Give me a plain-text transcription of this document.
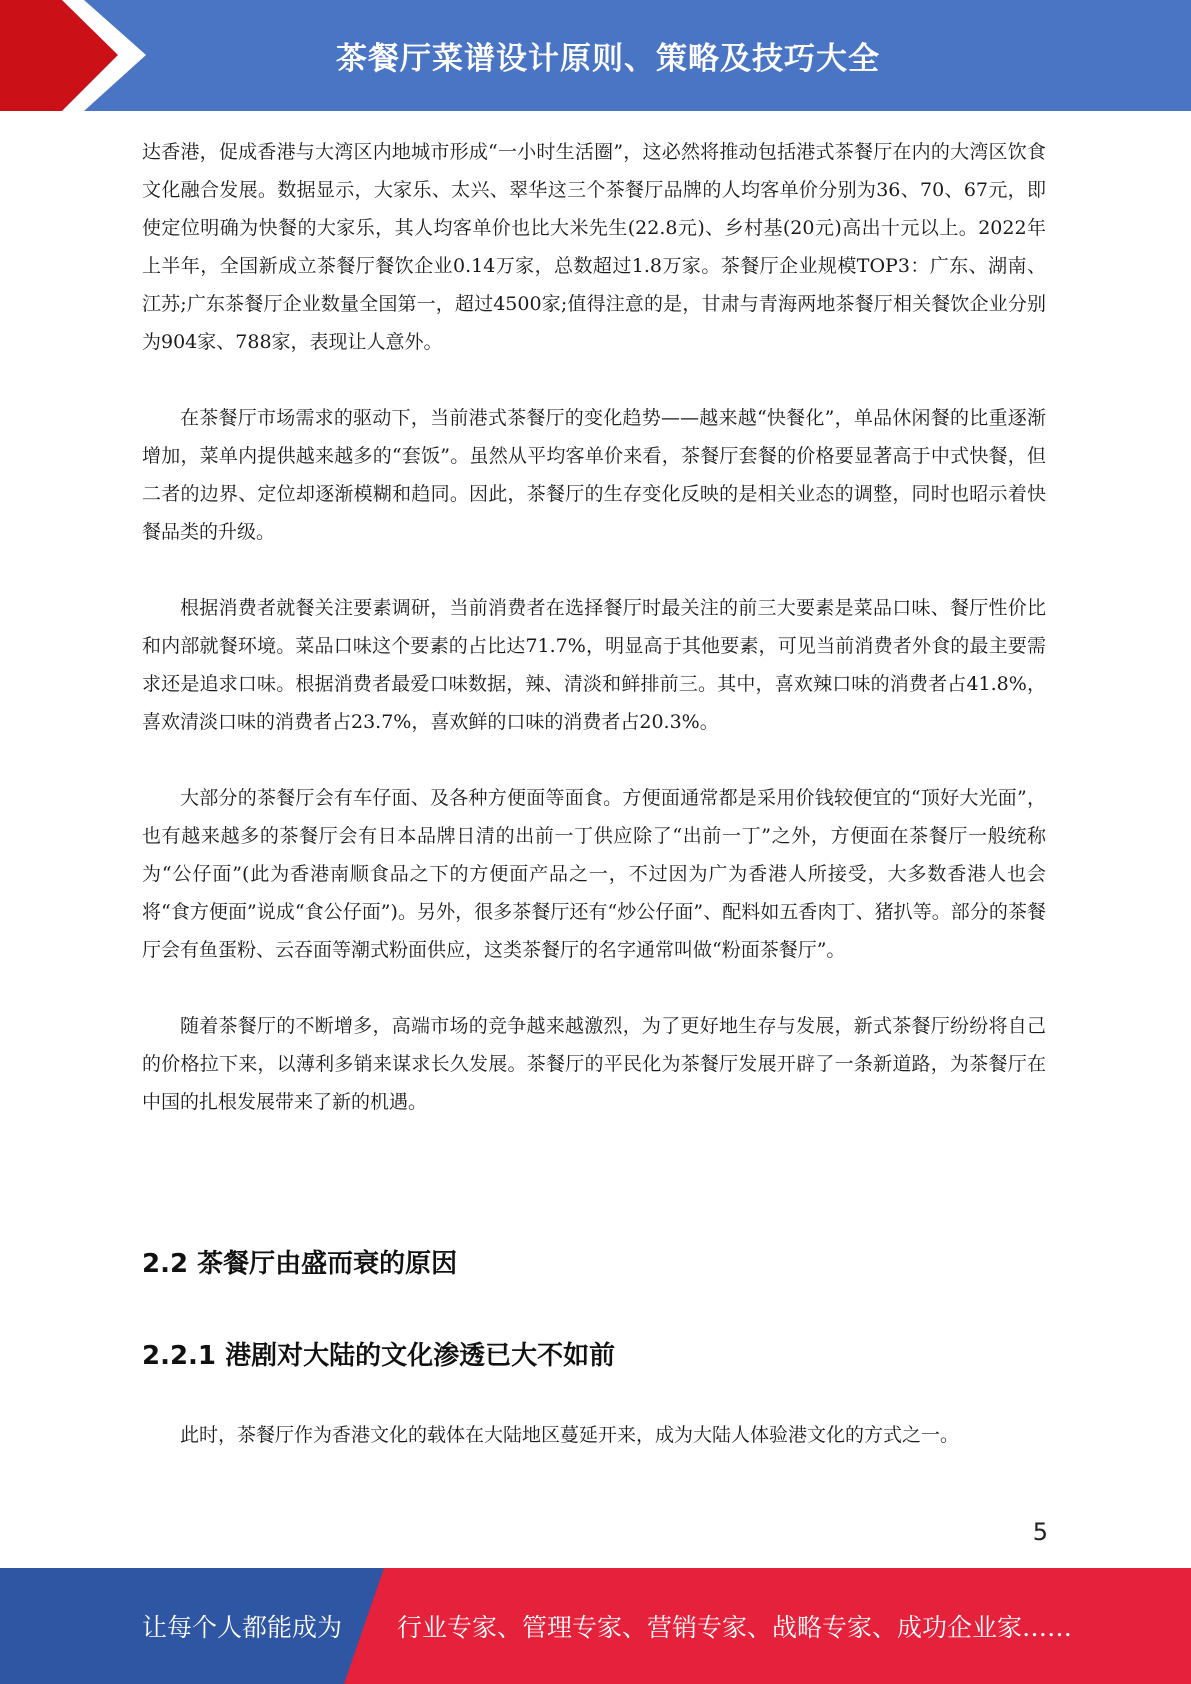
茶餐厅菜谱设计原则、策略及技巧大全

达香港，促成香港与大湾区内地城市形成“一小时生活圈”，这必然将推动包括港式茶餐厅在内的大湾区饮食文化融合发展。数据显示，大家乐、太兴、翠华这三个茶餐厅品牌的人均客单价分别为36、70、67元，即使定位明确为快餐的大家乐，其人均客单价也比大米先生(22.8元)、乡村基(20元)高出十元以上。2022年上半年，全国新成立茶餐厅餐饮企业0.14万家，总数超过1.8万家。茶餐厅企业规模TOP3：广东、湖南、江苏;广东茶餐厅企业数量全国第一，超过4500家;值得注意的是，甘肃与青海两地茶餐厅相关餐饮企业分别为904家、788家，表现让人意外。

在茶餐厅市场需求的驱动下，当前港式茶餐厅的变化趋势——越来越“快餐化”，单品休闲餐的比重逐渐增加，菜单内提供越来越多的“套饭”。虽然从平均客单价来看，茶餐厅套餐的价格要显著高于中式快餐，但二者的边界、定位却逐渐模糊和趋同。因此，茶餐厅的生存变化反映的是相关业态的调整，同时也昭示着快餐品类的升级。

根据消费者就餐关注要素调研，当前消费者在选择餐厅时最关注的前三大要素是菜品口味、餐厅性价比和内部就餐环境。菜品口味这个要素的占比达71.7%，明显高于其他要素，可见当前消费者外食的最主要需求还是追求口味。根据消费者最爱口味数据，辣、清淡和鲜排前三。其中，喜欢辣口味的消费者占41.8%，喜欢清淡口味的消费者占23.7%，喜欢鲜的口味的消费者占20.3%。

大部分的茶餐厅会有车仔面、及各种方便面等面食。方便面通常都是采用价钱较便宜的“顶好大光面”，也有越来越多的茶餐厅会有日本品牌日清的出前一丁供应除了“出前一丁”之外，方便面在茶餐厅一般统称为“公仔面”(此为香港南顺食品之下的方便面产品之一，不过因为广为香港人所接受，大多数香港人也会将“食方便面”说成“食公仔面”)。另外，很多茶餐厅还有“炒公仔面”、配料如五香肉丁、猪扒等。部分的茶餐厅会有鱼蛋粉、云吞面等潮式粉面供应，这类茶餐厅的名字通常叫做“粉面茶餐厅”。

随着茶餐厅的不断增多，高端市场的竞争越来越激烈，为了更好地生存与发展，新式茶餐厅纷纷将自己的价格拉下来，以薄利多销来谋求长久发展。茶餐厅的平民化为茶餐厅发展开辟了一条新道路，为茶餐厅在中国的扎根发展带来了新的机遇。

2.2 茶餐厅由盛而衰的原因
2.2.1 港剧对大陆的文化渗透已大不如前

此时，茶餐厅作为香港文化的载体在大陆地区蔓延开来，成为大陆人体验港文化的方式之一。

5
让每个人都能成为 行业专家、管理专家、营销专家、战略专家、成功企业家……
